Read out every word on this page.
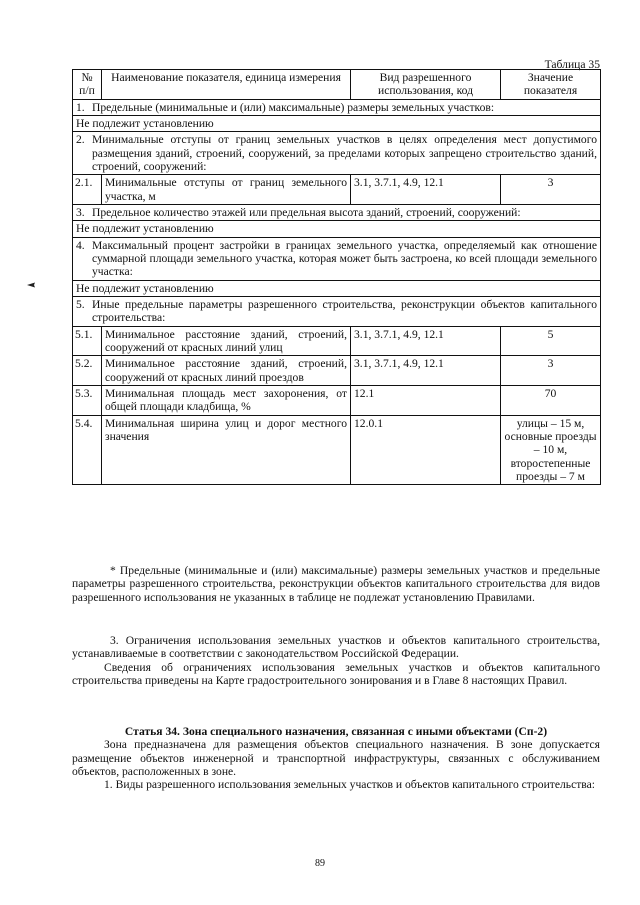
Таблица 35
№ п/п	Наименование показателя, единица измерения	Вид разрешенного использования, код	Значение показателя

1. Предельные (минимальные и (или) максимальные) размеры земельных участков:			

Не подлежит установлению			

2. Минимальные отступы от границ земельных участков в целях определения мест допустимого размещения зданий, строений, сооружений, за пределами которых запрещено строительство зданий, строений, сооружений:			

2.1.	Минимальные отступы от границ земельного участка, м	3.1, 3.7.1, 4.9, 12.1	3

3. Предельное количество этажей или предельная высота зданий, строений, сооружений:			

Не подлежит установлению			

4. Максимальный процент застройки в границах земельного участка, определяемый как отношение суммарной площади земельного участка, которая может быть застроена, ко всей площади земельного участка:			

Не подлежит установлению			

5. Иные предельные параметры разрешенного строительства, реконструкции объектов капитального строительства:			

5.1.	Минимальное расстояние зданий, строений, сооружений от красных линий улиц	3.1, 3.7.1, 4.9, 12.1	5
5.2.	Минимальное расстояние зданий, строений, сооружений от красных линий проездов	3.1, 3.7.1, 4.9, 12.1	3
5.3.	Минимальная площадь мест захоронения, от общей площади кладбища, %	12.1	70
5.4.	Минимальная ширина улиц и дорог местного значения	12.0.1	улицы – 15 м, основные проезды – 10 м, второстепенные проезды – 7 м

* Предельные (минимальные и (или) максимальные) размеры земельных участков и предельные параметры разрешенного строительства, реконструкции объектов капитального строительства для видов разрешенного использования не указанных в таблице не подлежат установлению Правилами.

3. Ограничения использования земельных участков и объектов капитального строительства, устанавливаемые в соответствии с законодательством Российской Федерации.

Сведения об ограничениях использования земельных участков и объектов капитального строительства приведены на Карте градостроительного зонирования и в Главе 8 настоящих Правил.

Статья 34. Зона специального назначения, связанная с иными объектами (Сп-2)

Зона предназначена для размещения объектов специального назначения. В зоне допускается размещение объектов инженерной и транспортной инфраструктуры, связанных с обслуживанием объектов, расположенных в зоне.

1. Виды разрешенного использования земельных участков и объектов капитального строительства:

89
